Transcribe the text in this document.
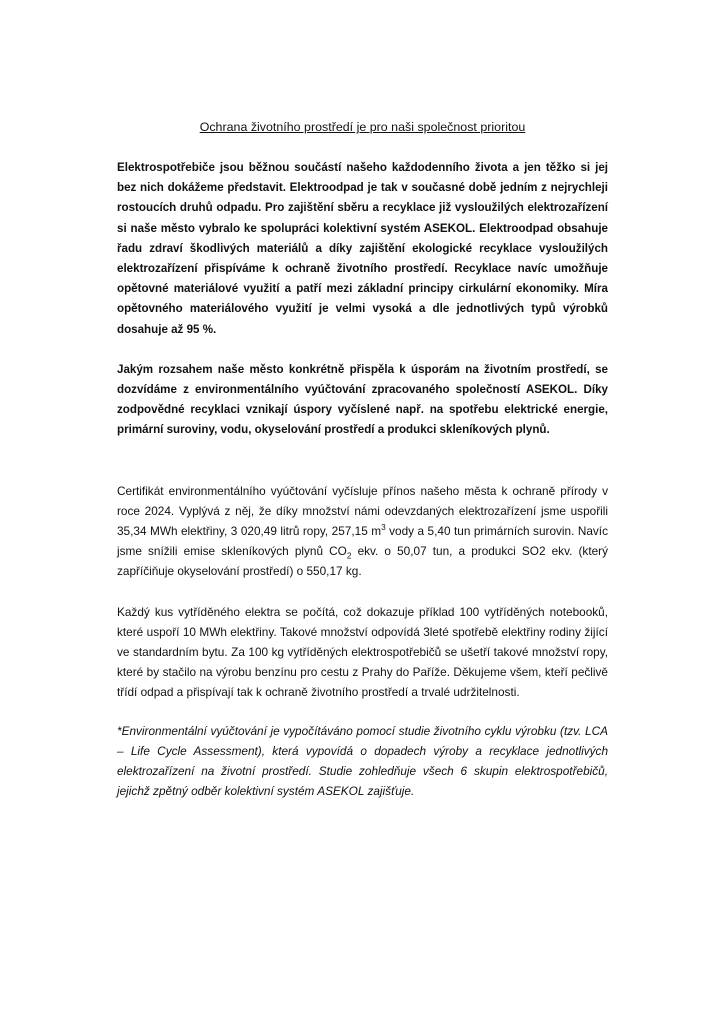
Ochrana životního prostředí je pro naši společnost prioritou

Elektrospotřebiče jsou běžnou součástí našeho každodenního života a jen těžko si jej bez nich dokážeme představit. Elektroodpad je tak v současné době jedním z nejrychleji rostoucích druhů odpadu. Pro zajištění sběru a recyklace již vysloužilých elektrozařízení si naše město vybralo ke spolupráci kolektivní systém ASEKOL. Elektroodpad obsahuje řadu zdraví škodlivých materiálů a díky zajištění ekologické recyklace vysloužilých elektrozařízení přispíváme k ochraně životního prostředí. Recyklace navíc umožňuje opětovné materiálové využití a patří mezi základní principy cirkulární ekonomiky. Míra opětovného materiálového využití je velmi vysoká a dle jednotlivých typů výrobků dosahuje až 95 %.

Jakým rozsahem naše město konkrétně přispěla k úsporám na životním prostředí, se dozvídáme z environmentálního vyúčtování zpracovaného společností ASEKOL. Díky zodpovědné recyklaci vznikají úspory vyčíslené např. na spotřebu elektrické energie, primární suroviny, vodu, okyselování prostředí a produkci skleníkových plynů.

Certifikát environmentálního vyúčtování vyčísluje přínos našeho města k ochraně přírody v roce 2024. Vyplývá z něj, že díky množství námi odevzdaných elektrozařízení jsme uspořili 35,34 MWh elektřiny, 3 020,49 litrů ropy, 257,15 $m^3$ vody a 5,40 tun primárních surovin. Navíc jsme snížili emise skleníkových plynů $CO_2$ ekv. o 50,07 tun, a produkci SO2 ekv. (který zapříčiňuje okyselování prostředí) o 550,17 kg.

Každý kus vytříděného elektra se počítá, což dokazuje příklad 100 vytříděných notebooků, které uspoří 10 MWh elektřiny. Takové množství odpovídá 3leté spotřebě elektřiny rodiny žijící ve standardním bytu. Za 100 kg vytříděných elektrospotřebičů se ušetří takové množství ropy, které by stačilo na výrobu benzínu pro cestu z Prahy do Paříže. Děkujeme všem, kteří pečlivě třídí odpad a přispívají tak k ochraně životního prostředí a trvalé udržitelnosti.

*Environmentální vyúčtování je vypočítáváno pomocí studie životního cyklu výrobku (tzv. LCA – Life Cycle Assessment), která vypovídá o dopadech výroby a recyklace jednotlivých elektrozařízení na životní prostředí. Studie zohledňuje všech 6 skupin elektrospotřebičů, jejichž zpětný odběr kolektivní systém ASEKOL zajišťuje.
